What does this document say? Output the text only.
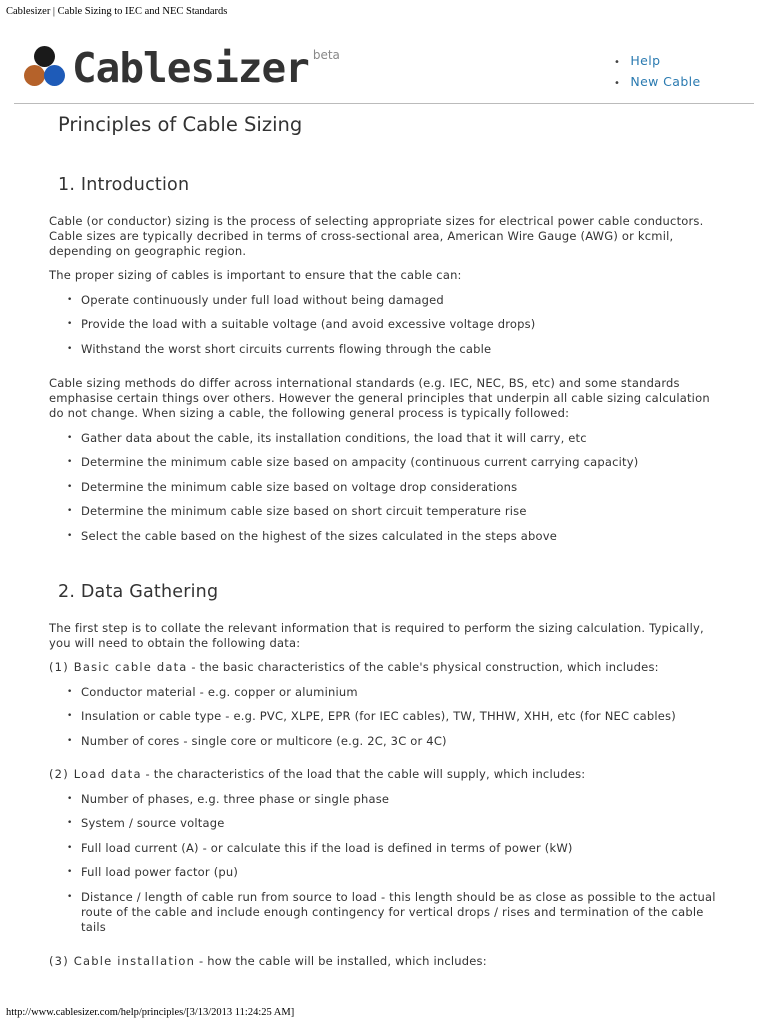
Cablesizer | Cable Sizing to IEC and NEC Standards
Cablesizer beta
•	Help
• New Cable
Principles of Cable Sizing
1. Introduction

Cable (or conductor) sizing is the process of selecting appropriate sizes for electrical power cable conductors. Cable sizes are typically decribed in terms of cross-sectional area, American Wire Gauge (AWG) or kcmil, depending on geographic region.

The proper sizing of cables is important to ensure that the cable can:

• Operate continuously under full load without being damaged
• Provide the load with a suitable voltage (and avoid excessive voltage drops)
• Withstand the worst short circuits currents flowing through the cable

Cable sizing methods do differ across international standards (e.g. IEC, NEC, BS, etc) and some standards emphasise certain things over others. However the general principles that underpin all cable sizing calculation do not change. When sizing a cable, the following general process is typically followed:

• Gather data about the cable, its installation conditions, the load that it will carry, etc
• Determine the minimum cable size based on ampacity (continuous current carrying capacity)
• Determine the minimum cable size based on voltage drop considerations
• Determine the minimum cable size based on short circuit temperature rise
• Select the cable based on the highest of the sizes calculated in the steps above
2. Data Gathering

The first step is to collate the relevant information that is required to perform the sizing calculation. Typically, you will need to obtain the following data:

(1) Basic cable data - the basic characteristics of the cable's physical construction, which includes:

• Conductor material - e.g. copper or aluminium
• Insulation or cable type - e.g. PVC, XLPE, EPR (for IEC cables), TW, THHW, XHH, etc (for NEC cables)
• Number of cores - single core or multicore (e.g. 2C, 3C or 4C)

(2) Load data - the characteristics of the load that the cable will supply, which includes:

• Number of phases, e.g. three phase or single phase
• System / source voltage
• Full load current (A) - or calculate this if the load is defined in terms of power (kW)
• Full load power factor (pu)
• Distance / length of cable run from source to load - this length should be as close as possible to the actual route of the cable and include enough contingency for vertical drops / rises and termination of the cable tails

(3) Cable installation - how the cable will be installed, which includes:

http://www.cablesizer.com/help/principles/[3/13/2013 11:24:25 AM]
